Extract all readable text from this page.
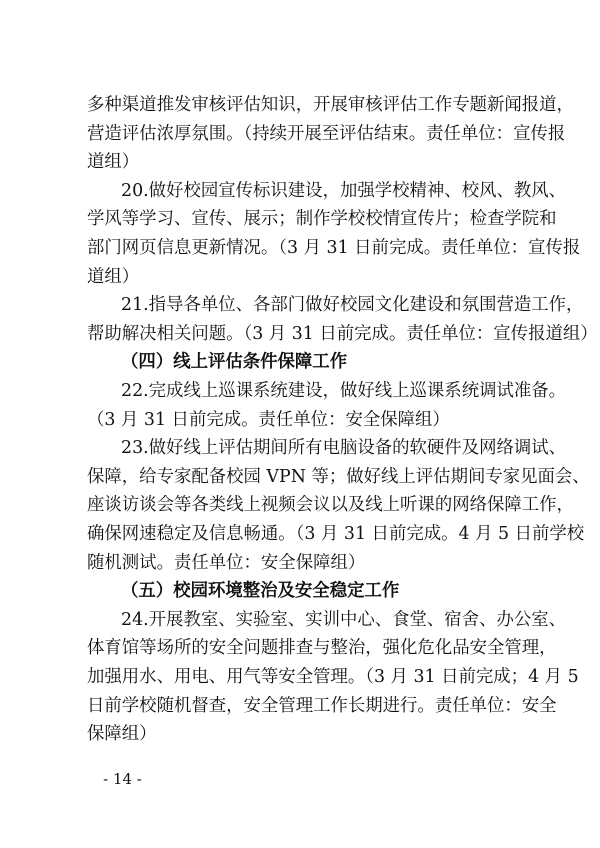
多种渠道推发审核评估知识，开展审核评估工作专题新闻报道，
营造评估浓厚氛围。（持续开展至评估结束。责任单位：宣传报
道组）
20.做好校园宣传标识建设，加强学校精神、校风、教风、
学风等学习、宣传、展示；制作学校校情宣传片；检查学院和
部门网页信息更新情况。（3 月 31 日前完成。责任单位：宣传报
道组）
21.指导各单位、各部门做好校园文化建设和氛围营造工作，
帮助解决相关问题。（3 月 31 日前完成。责任单位：宣传报道组）
（四）线上评估条件保障工作
22.完成线上巡课系统建设，做好线上巡课系统调试准备。
（3 月 31 日前完成。责任单位：安全保障组）
23.做好线上评估期间所有电脑设备的软硬件及网络调试、
保障，给专家配备校园 VPN 等；做好线上评估期间专家见面会、
座谈访谈会等各类线上视频会议以及线上听课的网络保障工作，
确保网速稳定及信息畅通。（3 月 31 日前完成。4 月 5 日前学校
随机测试。责任单位：安全保障组）
（五）校园环境整治及安全稳定工作
24.开展教室、实验室、实训中心、食堂、宿舍、办公室、
体育馆等场所的安全问题排查与整治，强化危化品安全管理，
加强用水、用电、用气等安全管理。（3 月 31 日前完成；4 月 5
日前学校随机督查，安全管理工作长期进行。责任单位：安全
保障组）
- 14 -
